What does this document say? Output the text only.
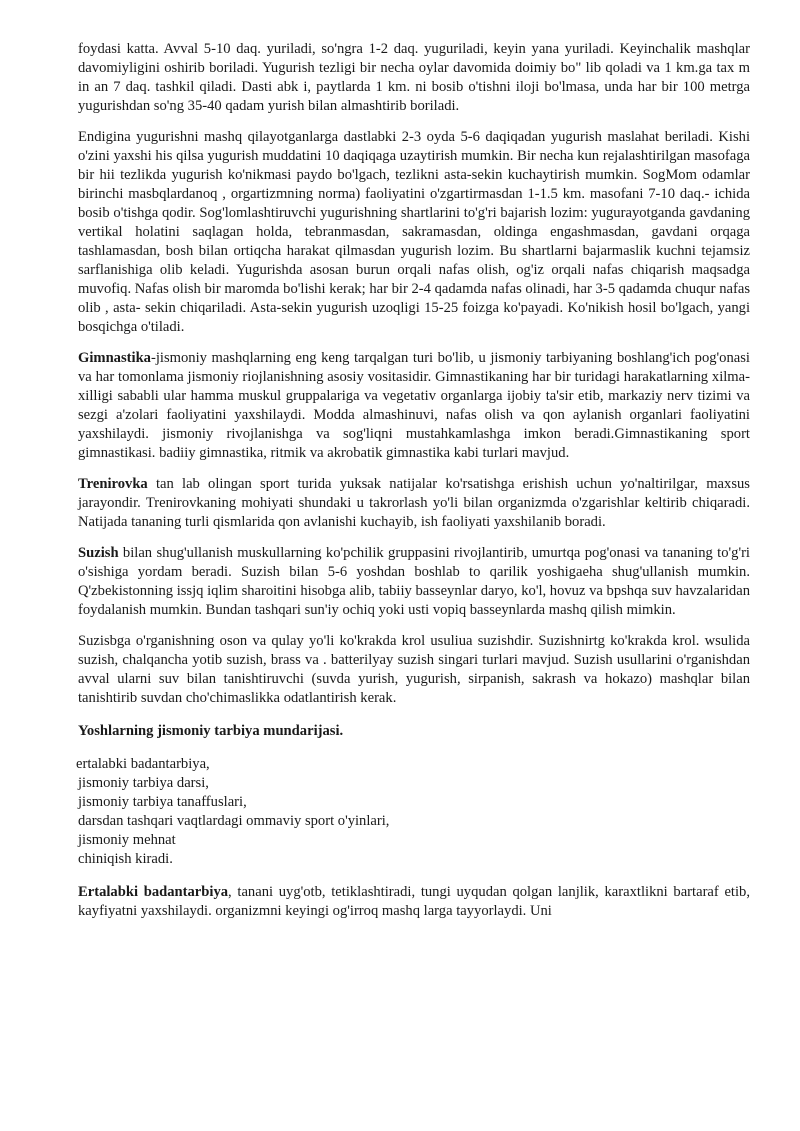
foydasi katta. Avval 5-10 daq. yuriladi, so'ngra 1-2 daq. yuguriladi, keyin yana yuriladi. Keyinchalik mashqlar davomiyligini oshirib boriladi. Yugurish tezligi bir necha oylar davomida doimiy bo" lib qoladi va 1 km.ga tax m in an 7 daq. tashkil qiladi. Dasti abk i, paytlarda 1 km. ni bosib o'tishni iloji bo'lmasa, unda har bir 100 metrga yugurishdan so'ng 35-40 qadam yurish bilan almashtirib boriladi.

Endigina yugurishni mashq qilayotganlarga dastlabki 2-3 oyda 5-6 daqiqadan yugurish maslahat beriladi. Kishi o'zini yaxshi his qilsa yugurish muddatini 10 daqiqaga uzaytirish mumkin. Bir necha kun rejalashtirilgan masofaga bir hii tezlikda yugurish ko'nikmasi paydo bo'lgach, tezlikni asta-sekin kuchaytirish mumkin. SogMom odamlar birinchi masbqlardanoq , orgartizmning norma) faoliyatini o'zgartirmasdan 1-1.5 km. masofani 7-10 daq.- ichida bosib o'tishga qodir. Sog'lomlashtiruvchi yugurishning shartlarini to'g'ri bajarish lozim: yugurayotganda gavdaning vertikal holatini saqlagan holda, tebranmasdan, sakramasdan, oldinga engashmasdan, gavdani orqaga tashlamasdan, bosh bilan ortiqcha harakat qilmasdan yugurish lozim. Bu shartlarni bajarmaslik kuchni tejamsiz sarflanishiga olib keladi. Yugurishda asosan burun orqali nafas olish, og'iz orqali nafas chiqarish maqsadga muvofiq. Nafas olish bir maromda bo'lishi kerak; har bir 2-4 qadamda nafas olinadi, har 3-5 qadamda chuqur nafas olib , asta- sekin chiqariladi. Asta-sekin yugurish uzoqligi 15-25 foizga ko'payadi. Ko'nikish hosil bo'lgach, yangi bosqichga o'tiladi.

Gimnastika-jismoniy mashqlarning eng keng tarqalgan turi bo'lib, u jismoniy tarbiyaning boshlang'ich pog'onasi va har tomonlama jismoniy riojlanishning asosiy vositasidir. Gimnastikaning har bir turidagi harakatlarning xilma-xilligi sababli ular hamma muskul gruppalariga va vegetativ organlarga ijobiy ta'sir etib, markaziy nerv tizimi va sezgi a'zolari faoliyatini yaxshilaydi. Modda almashinuvi, nafas olish va qon aylanish organlari faoliyatini yaxshilaydi. jismoniy rivojlanishga va sog'liqni mustahkamlashga imkon beradi.Gimnastikaning sport gimnastikasi. badiiy gimnastika, ritmik va akrobatik gimnastika kabi turlari mavjud.

Trenirovka tan lab olingan sport turida yuksak natijalar ko'rsatishga erishish uchun yo'naltirilgar, maxsus jarayondir. Trenirovkaning mohiyati shundaki u takrorlash yo'li bilan organizmda o'zgarishlar keltirib chiqaradi. Natijada tananing turli qismlarida qon avlanishi kuchayib, ish faoliyati yaxshilanib boradi.

Suzish bilan shug'ullanish muskullarning ko'pchilik gruppasini rivojlantirib, umurtqa pog'onasi va tananing to'g'ri o'sishiga yordam beradi. Suzish bilan 5-6 yoshdan boshlab to qarilik yoshigaeha shug'ullanish mumkin. Q'zbekistonning issjq iqlim sharoitini hisobga alib, tabiiy basseynlar daryo, ko'l, hovuz va bpshqa suv havzalaridan foydalanish mumkin. Bundan tashqari sun'iy ochiq yoki usti vopiq basseynlarda mashq qilish mimkin.

Suzisbga o'rganishning oson va qulay yo'li ko'krakda krol usuliua suzishdir. Suzishnirtg ko'krakda krol. wsulida suzish, chalqancha yotib suzish, brass va . batterilyay suzish singari turlari mavjud. Suzish usullarini o'rganishdan avval ularni suv bilan tanishtiruvchi (suvda yurish, yugurish, sirpanish, sakrash va hokazo) mashqlar bilan tanishtirib suvdan cho'chimaslikka odatlantirish kerak.

Yoshlarning jismoniy tarbiya mundarijasi.
ertalabki badantarbiya,
jismoniy tarbiya darsi,
jismoniy tarbiya tanaffuslari,
darsdan tashqari vaqtlardagi ommaviy sport o'yinlari,
jismoniy mehnat
chiniqish kiradi.

Ertalabki badantarbiya, tanani uyg'otb, tetiklashtiradi, tungi uyqudan qolgan lanjlik, karaxtlikni bartaraf etib, kayfiyatni yaxshilaydi. organizmni keyingi og'irroq mashq larga tayyorlaydi. Uni
